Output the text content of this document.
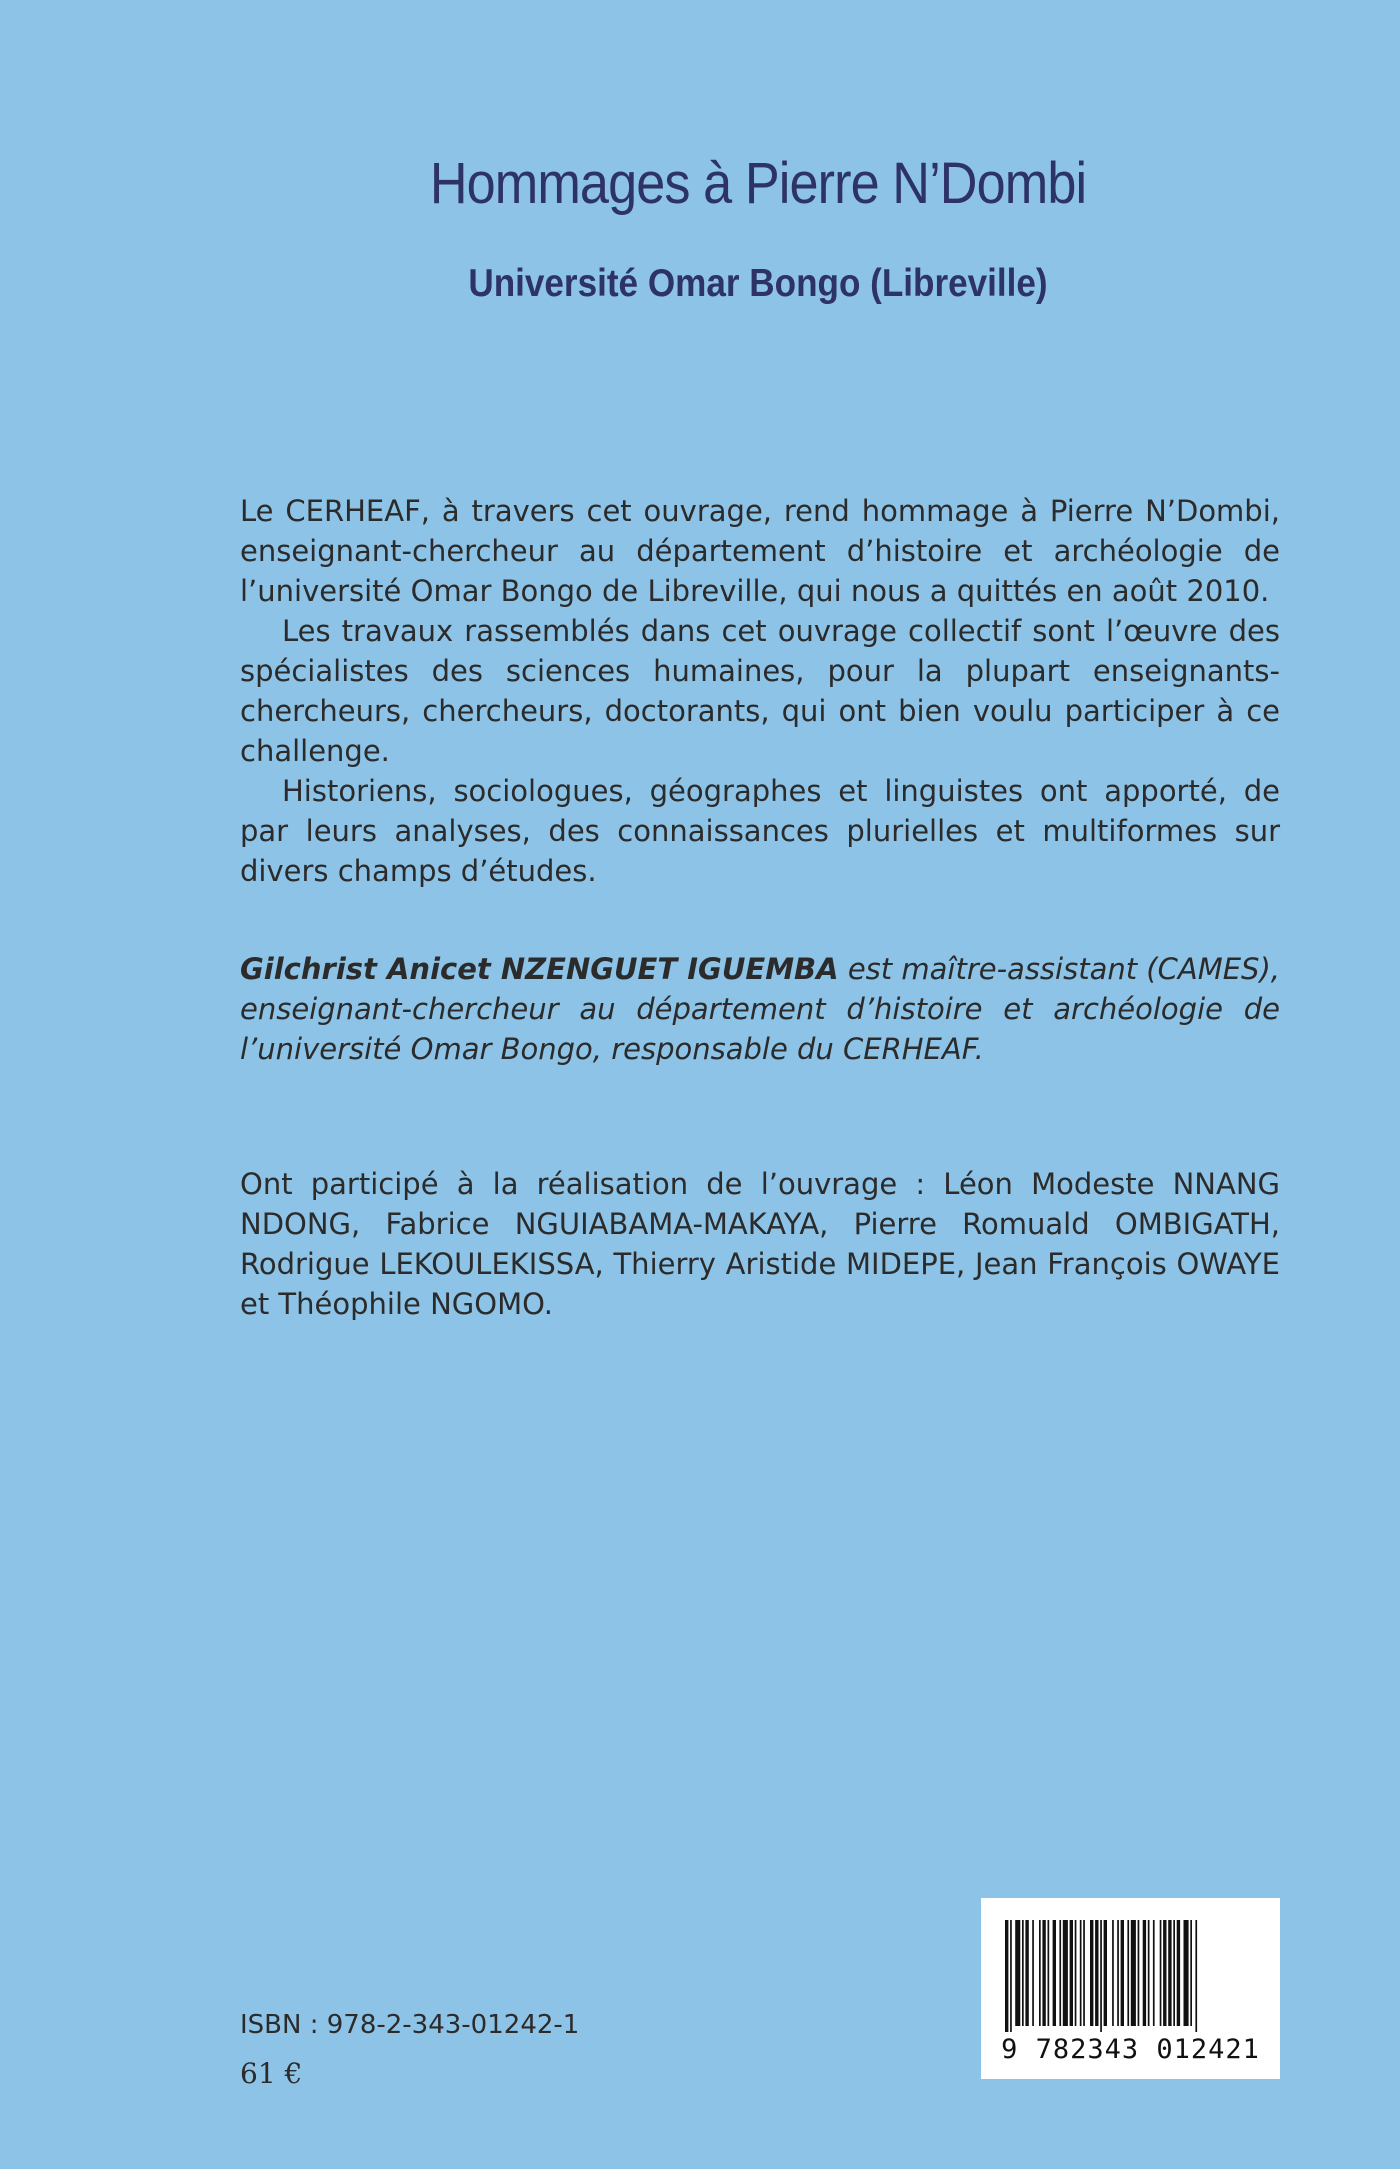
Hommages à Pierre N’Dombi
Université Omar Bongo (Libreville)

Le CERHEAF, à travers cet ouvrage, rend hommage à Pierre N’Dombi, enseignant-chercheur au département d’histoire et archéologie de l’université Omar Bongo de Libreville, qui nous a quittés en août 2010.

Les travaux rassemblés dans cet ouvrage collectif sont l’œuvre des spécialistes des sciences humaines, pour la plupart enseignants-chercheurs, chercheurs, doctorants, qui ont bien voulu participer à ce challenge.

Historiens, sociologues, géographes et linguistes ont apporté, de par leurs analyses, des connaissances plurielles et multiformes sur divers champs d’études.

Gilchrist Anicet NZENGUET IGUEMBA est maître-assistant (CAMES), enseignant-chercheur au département d’histoire et archéologie de l’université Omar Bongo, responsable du CERHEAF.

Ont participé à la réalisation de l’ouvrage : Léon Modeste NNANG NDONG, Fabrice NGUIABAMA-MAKAYA, Pierre Romuald OMBIGATH, Rodrigue LEKOULEKISSA, Thierry Aristide MIDEPE, Jean François OWAYE et Théophile NGOMO.

ISBN : 978-2-343-01242-1
61 €
9 782343 012421
